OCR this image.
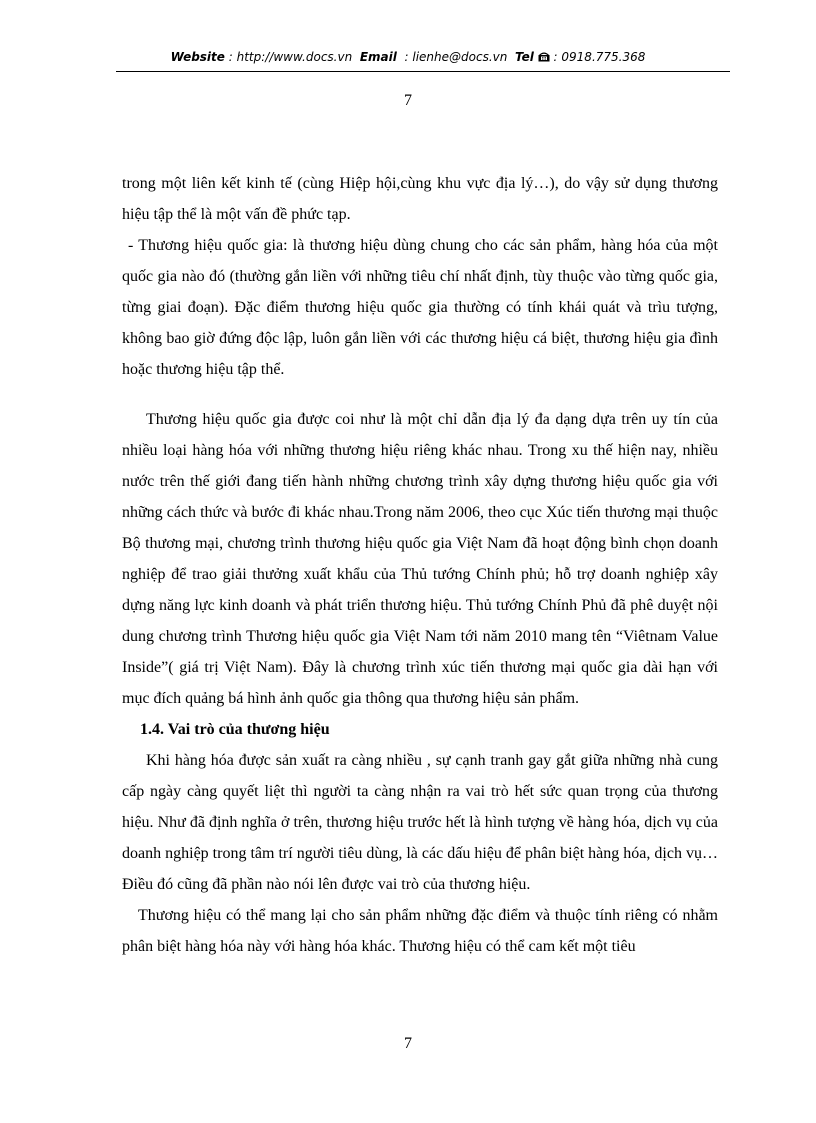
Website : http://www.docs.vn Email : lienhe@docs.vn Tel : 0918.775.368
7

trong một liên kết kinh tế (cùng Hiệp hội,cùng khu vực địa lý…), do vậy sử dụng thương hiệu tập thể là một vấn đề phức tạp.

- Thương hiệu quốc gia: là thương hiệu dùng chung cho các sản phẩm, hàng hóa của một quốc gia nào đó (thường gắn liền với những tiêu chí nhất định, tùy thuộc vào từng quốc gia, từng giai đoạn). Đặc điểm thương hiệu quốc gia thường có tính khái quát và trìu tượng, không bao giờ đứng độc lập, luôn gắn liền với các thương hiệu cá biệt, thương hiệu gia đình hoặc thương hiệu tập thể.

Thương hiệu quốc gia được coi như là một chỉ dẫn địa lý đa dạng dựa trên uy tín của nhiều loại hàng hóa với những thương hiệu riêng khác nhau. Trong xu thế hiện nay, nhiều nước trên thế giới đang tiến hành những chương trình xây dựng thương hiệu quốc gia với những cách thức và bước đi khác nhau.Trong năm 2006, theo cục Xúc tiến thương mại thuộc Bộ thương mại, chương trình thương hiệu quốc gia Việt Nam đã hoạt động bình chọn doanh nghiệp để trao giải thưởng xuất khẩu của Thủ tướng Chính phủ; hỗ trợ doanh nghiệp xây dựng năng lực kinh doanh và phát triển thương hiệu. Thủ tướng Chính Phủ đã phê duyệt nội dung chương trình Thương hiệu quốc gia Việt Nam tới năm 2010 mang tên “Viêtnam Value Inside”( giá trị Việt Nam). Đây là chương trình xúc tiến thương mại quốc gia dài hạn với mục đích quảng bá hình ảnh quốc gia thông qua thương hiệu sản phẩm.

1.4. Vai trò của thương hiệu

Khi hàng hóa được sản xuất ra càng nhiều , sự cạnh tranh gay gắt giữa những nhà cung cấp ngày càng quyết liệt thì người ta càng nhận ra vai trò hết sức quan trọng của thương hiệu. Như đã định nghĩa ở trên, thương hiệu trước hết là hình tượng về hàng hóa, dịch vụ của doanh nghiệp trong tâm trí người tiêu dùng, là các dấu hiệu để phân biệt hàng hóa, dịch vụ…Điều đó cũng đã phần nào nói lên được vai trò của thương hiệu.

Thương hiệu có thể mang lại cho sản phẩm những đặc điểm và thuộc tính riêng có nhằm phân biệt hàng hóa này với hàng hóa khác. Thương hiệu có thể cam kết một tiêu

7
